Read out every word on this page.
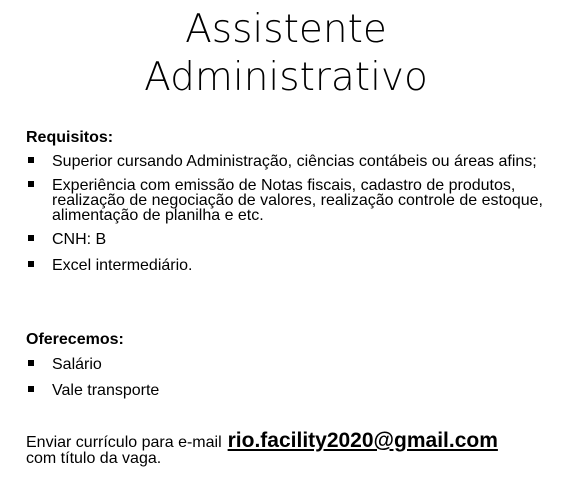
Assistente
Administrativo

Requisitos:

Superior cursando Administração, ciências contábeis ou áreas afins;
Experiência com emissão de Notas fiscais, cadastro de produtos, realização de negociação de valores, realização controle de estoque, alimentação de planilha e etc.
CNH: B
Excel intermediário.

Oferecemos:

Salário
Vale transporte
Enviar currículo para e-mail rio.facility2020@gmail.com
com título da vaga.
